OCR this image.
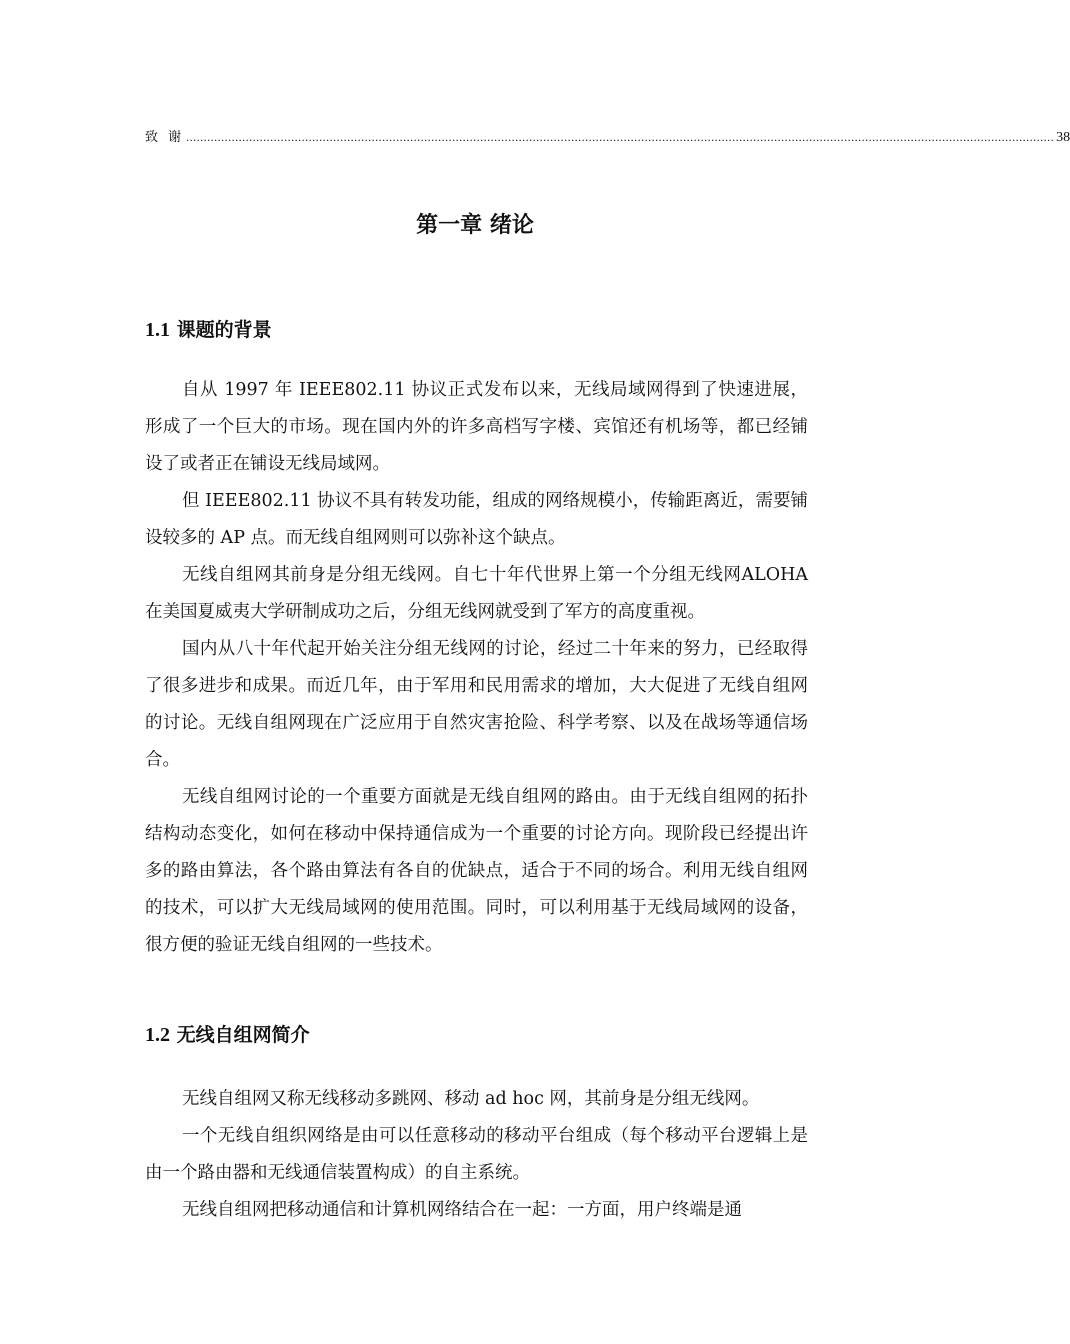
致 谢 ........................................................................................................................................................................................................................................................ 38
第一章 绪论
1.1 课题的背景

自从 1997 年 IEEE802.11 协议正式发布以来，无线局域网得到了快速进展，形成了一个巨大的市场。现在国内外的许多高档写字楼、宾馆还有机场等，都已经铺设了或者正在铺设无线局域网。

但 IEEE802.11 协议不具有转发功能，组成的网络规模小，传输距离近，需要铺设较多的 AP 点。而无线自组网则可以弥补这个缺点。

无线自组网其前身是分组无线网。自七十年代世界上第一个分组无线网ALOHA 在美国夏威夷大学研制成功之后，分组无线网就受到了军方的高度重视。

国内从八十年代起开始关注分组无线网的讨论，经过二十年来的努力，已经取得了很多进步和成果。而近几年，由于军用和民用需求的增加，大大促进了无线自组网的讨论。无线自组网现在广泛应用于自然灾害抢险、科学考察、以及在战场等通信场合。

无线自组网讨论的一个重要方面就是无线自组网的路由。由于无线自组网的拓扑结构动态变化，如何在移动中保持通信成为一个重要的讨论方向。现阶段已经提出许多的路由算法，各个路由算法有各自的优缺点，适合于不同的场合。利用无线自组网的技术，可以扩大无线局域网的使用范围。同时，可以利用基于无线局域网的设备，很方便的验证无线自组网的一些技术。

1.2 无线自组网简介

无线自组网又称无线移动多跳网、移动 ad hoc 网，其前身是分组无线网。

一个无线自组织网络是由可以任意移动的移动平台组成（每个移动平台逻辑上是由一个路由器和无线通信装置构成）的自主系统。

无线自组网把移动通信和计算机网络结合在一起：一方面，用户终端是通
